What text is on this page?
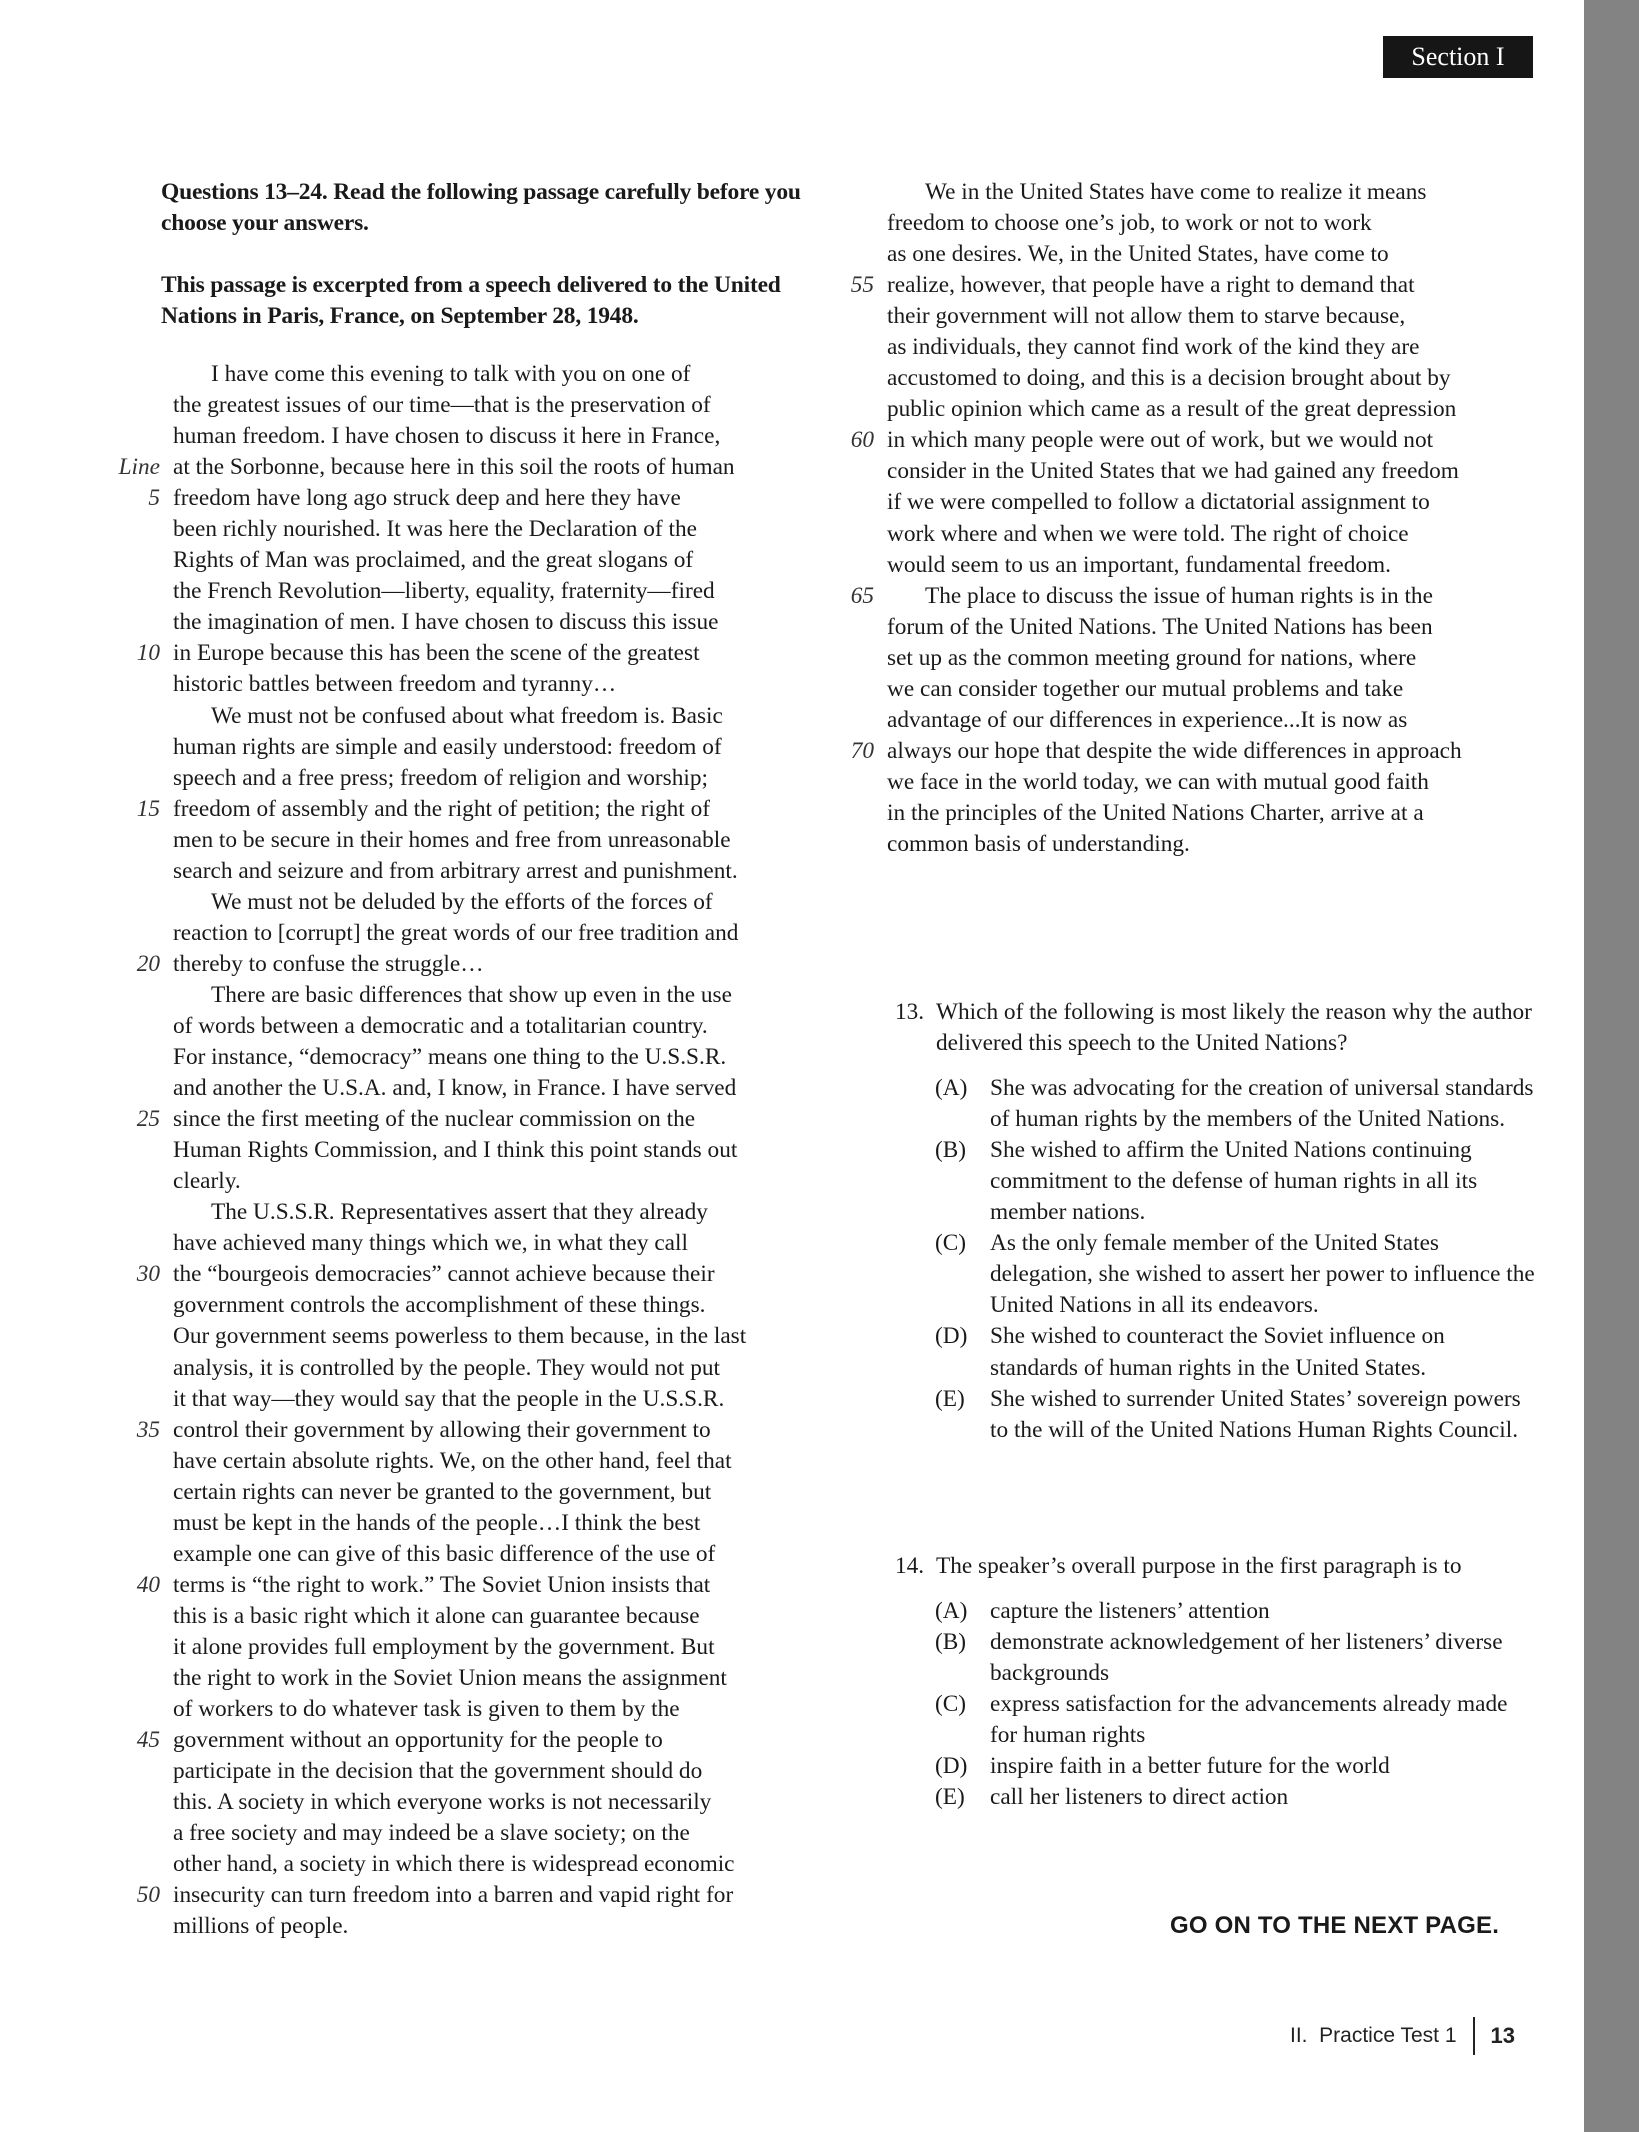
Section I
Questions 13–24. Read the following passage carefully before you choose your answers.
This passage is excerpted from a speech delivered to the United Nations in Paris, France, on September 28, 1948.
I have come this evening to talk with you on one of
the greatest issues of our time—that is the preservation of
human freedom. I have chosen to discuss it here in France,
Line at the Sorbonne, because here in this soil the roots of human
5 freedom have long ago struck deep and here they have
been richly nourished. It was here the Declaration of the
Rights of Man was proclaimed, and the great slogans of
the French Revolution—liberty, equality, fraternity—fired
the imagination of men. I have chosen to discuss this issue
10 in Europe because this has been the scene of the greatest
historic battles between freedom and tyranny…
We must not be confused about what freedom is. Basic
human rights are simple and easily understood: freedom of
speech and a free press; freedom of religion and worship;
15 freedom of assembly and the right of petition; the right of
men to be secure in their homes and free from unreasonable
search and seizure and from arbitrary arrest and punishment.
We must not be deluded by the efforts of the forces of
reaction to [corrupt] the great words of our free tradition and
20 thereby to confuse the struggle…
There are basic differences that show up even in the use
of words between a democratic and a totalitarian country.
For instance, “democracy” means one thing to the U.S.S.R.
and another the U.S.A. and, I know, in France. I have served
25 since the first meeting of the nuclear commission on the
Human Rights Commission, and I think this point stands out
clearly.
The U.S.S.R. Representatives assert that they already
have achieved many things which we, in what they call
30 the “bourgeois democracies” cannot achieve because their
government controls the accomplishment of these things.
Our government seems powerless to them because, in the last
analysis, it is controlled by the people. They would not put
it that way—they would say that the people in the U.S.S.R.
35 control their government by allowing their government to
have certain absolute rights. We, on the other hand, feel that
certain rights can never be granted to the government, but
must be kept in the hands of the people…I think the best
example one can give of this basic difference of the use of
40 terms is “the right to work.” The Soviet Union insists that
this is a basic right which it alone can guarantee because
it alone provides full employment by the government. But
the right to work in the Soviet Union means the assignment
of workers to do whatever task is given to them by the
45 government without an opportunity for the people to
participate in the decision that the government should do
this. A society in which everyone works is not necessarily
a free society and may indeed be a slave society; on the
other hand, a society in which there is widespread economic
50 insecurity can turn freedom into a barren and vapid right for
millions of people.
We in the United States have come to realize it means
freedom to choose one’s job, to work or not to work
as one desires. We, in the United States, have come to
55 realize, however, that people have a right to demand that
their government will not allow them to starve because,
as individuals, they cannot find work of the kind they are
accustomed to doing, and this is a decision brought about by
public opinion which came as a result of the great depression
60 in which many people were out of work, but we would not
consider in the United States that we had gained any freedom
if we were compelled to follow a dictatorial assignment to
work where and when we were told. The right of choice
would seem to us an important, fundamental freedom.
65	The place to discuss the issue of human rights is in the
forum of the United Nations. The United Nations has been
set up as the common meeting ground for nations, where
we can consider together our mutual problems and take
advantage of our differences in experience...It is now as
70 always our hope that despite the wide differences in approach
we face in the world today, we can with mutual good faith
in the principles of the United Nations Charter, arrive at a
common basis of understanding.
13. Which of the following is most likely the reason why the author delivered this speech to the United Nations?
(A) She was advocating for the creation of universal standards of human rights by the members of the United Nations.
(B) She wished to affirm the United Nations continuing commitment to the defense of human rights in all its member nations.
(C) As the only female member of the United States delegation, she wished to assert her power to influence the United Nations in all its endeavors.
(D) She wished to counteract the Soviet influence on standards of human rights in the United States.
(E) She wished to surrender United States’ sovereign powers to the will of the United Nations Human Rights Council.
14. The speaker’s overall purpose in the first paragraph is to
(A) capture the listeners’ attention
(B) demonstrate acknowledgement of her listeners’ diverse backgrounds
(C) express satisfaction for the advancements already made for human rights
(D) inspire faith in a better future for the world
(E) call her listeners to direct action
GO ON TO THE NEXT PAGE.
II.  Practice Test 1 13
